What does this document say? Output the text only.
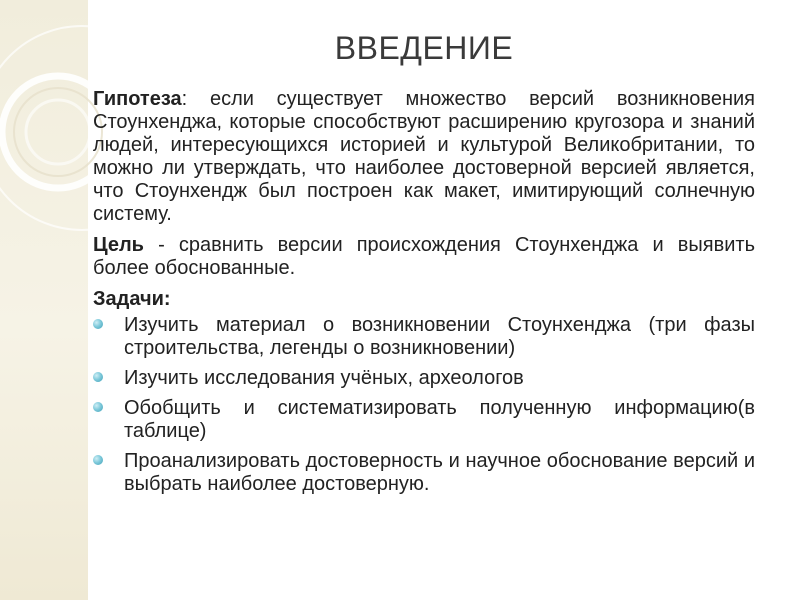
ВВЕДЕНИЕ

Гипотеза: если существует множество версий возникновения Стоунхенджа, которые способствуют расширению кругозора и знаний людей, интересующихся историей и культурой Великобритании, то можно ли утверждать, что наиболее достоверной версией является, что Стоунхендж был построен как макет, имитирующий солнечную систему.

Цель - сравнить версии происхождения Стоунхенджа и выявить более обоснованные.

Задачи:
Изучить материал о возникновении Стоунхенджа (три фазы строительства, легенды о возникновении)
Изучить исследования учёных, археологов
Обобщить и систематизировать полученную информацию(в таблице)
Проанализировать достоверность и научное обоснование версий и выбрать наиболее достоверную.
